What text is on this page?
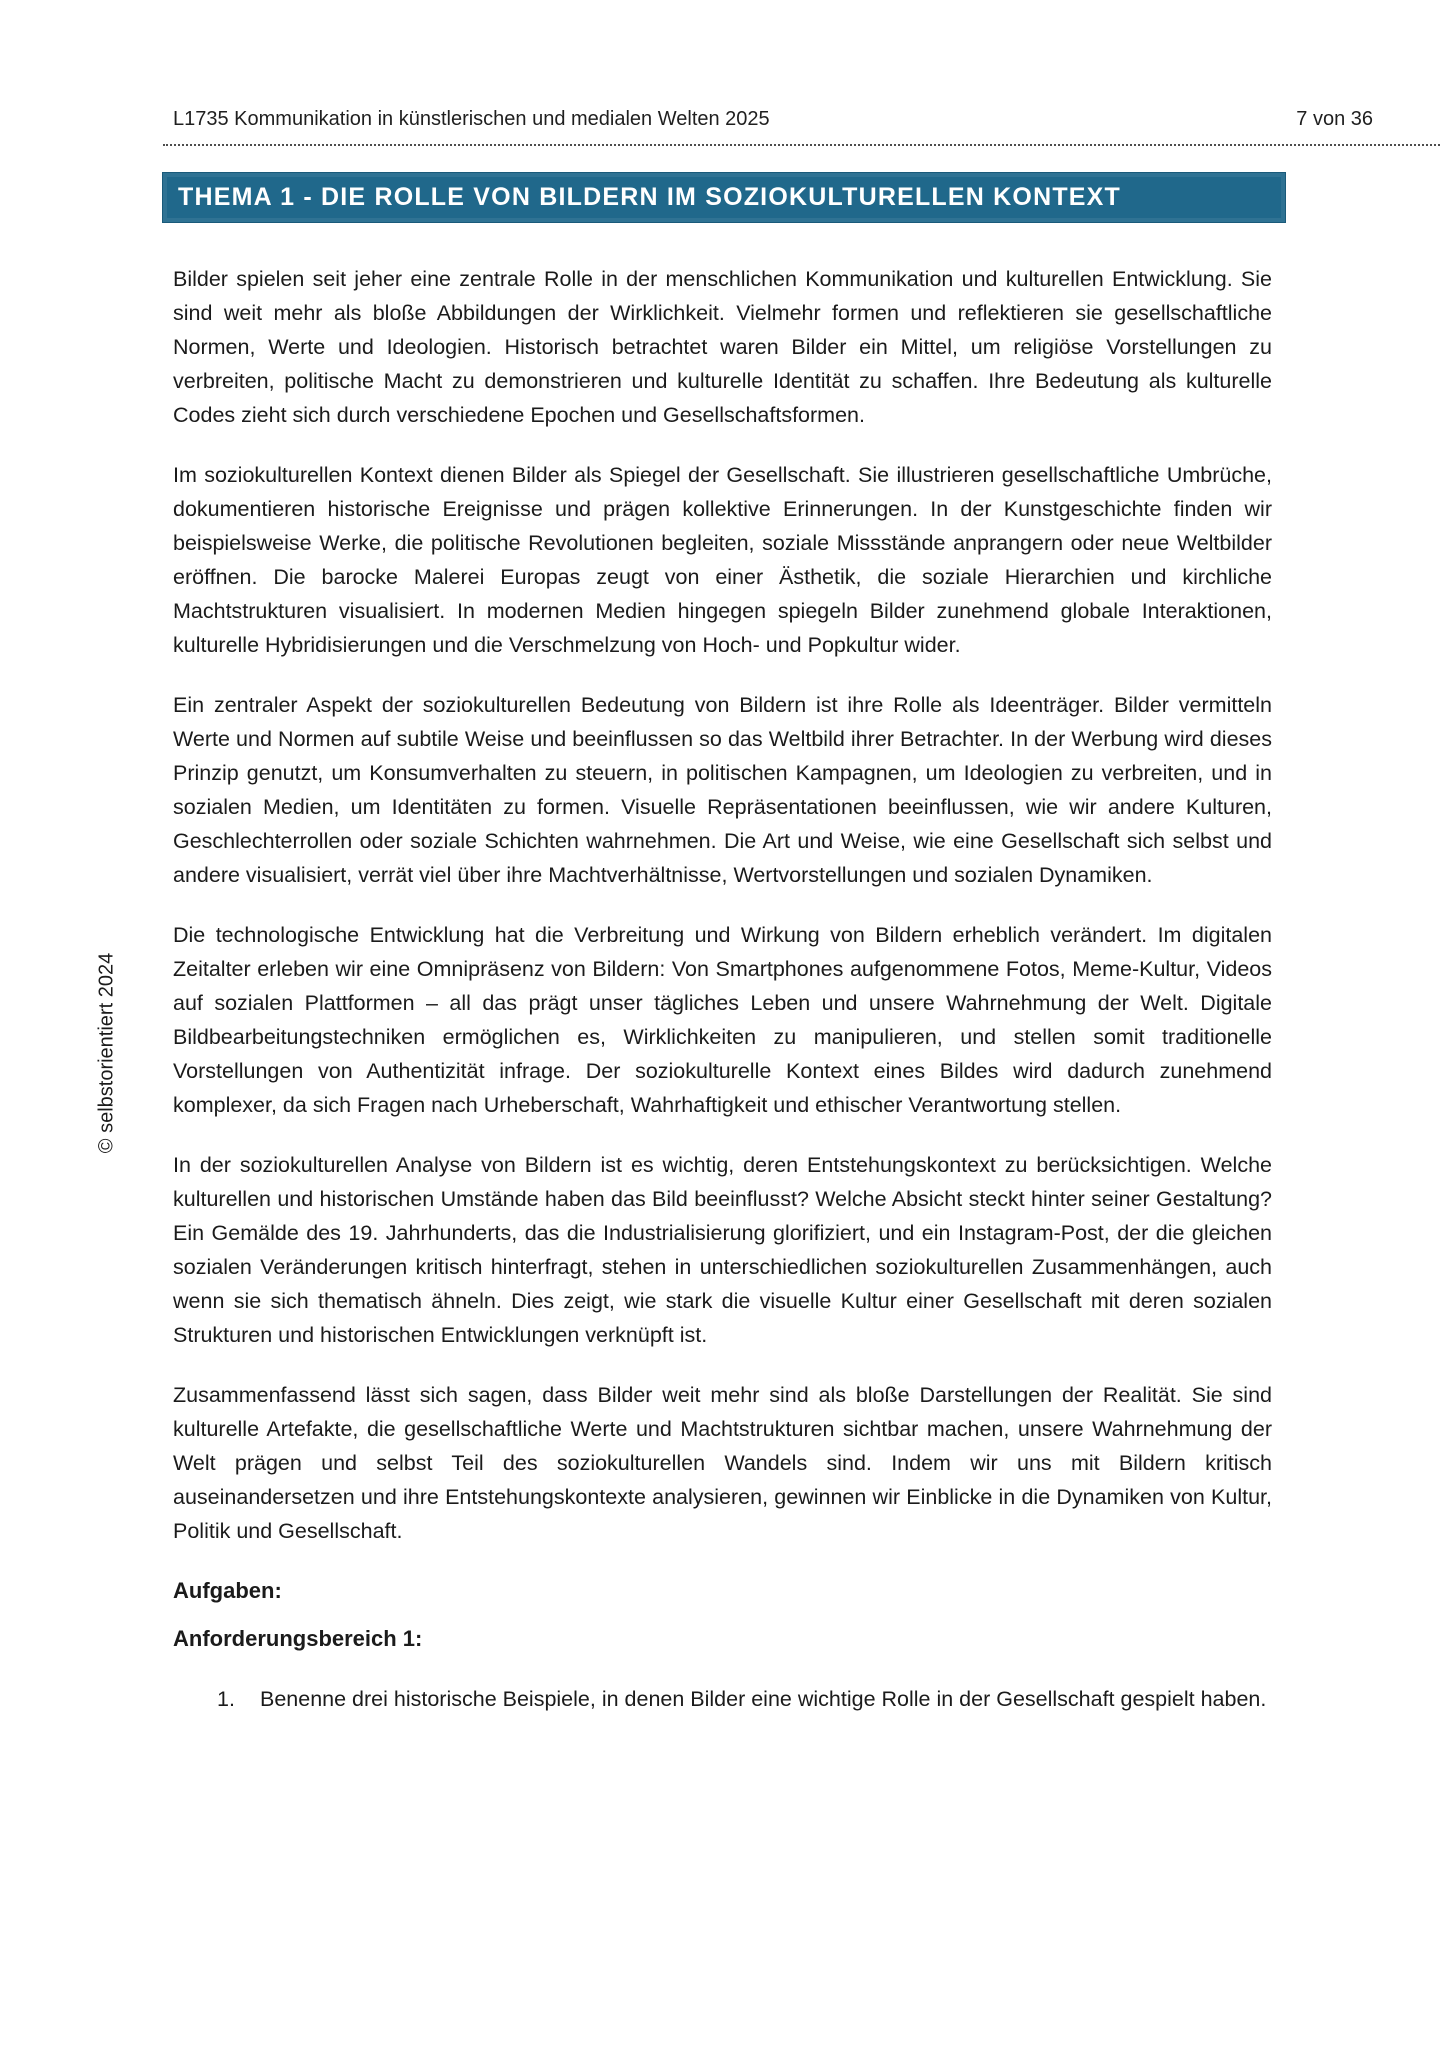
L1735 Kommunikation in künstlerischen und medialen Welten 2025	7 von 36
THEMA 1 - DIE ROLLE VON BILDERN IM SOZIOKULTURELLEN KONTEXT
© selbstorientiert 2024

Bilder spielen seit jeher eine zentrale Rolle in der menschlichen Kommunikation und kulturellen Entwicklung. Sie sind weit mehr als bloße Abbildungen der Wirklichkeit. Vielmehr formen und reflektieren sie gesellschaftliche Normen, Werte und Ideologien. Historisch betrachtet waren Bilder ein Mittel, um religiöse Vorstellungen zu verbreiten, politische Macht zu demonstrieren und kulturelle Identität zu schaffen. Ihre Bedeutung als kulturelle Codes zieht sich durch verschiedene Epochen und Gesellschaftsformen.

Im soziokulturellen Kontext dienen Bilder als Spiegel der Gesellschaft. Sie illustrieren gesellschaftliche Umbrüche, dokumentieren historische Ereignisse und prägen kollektive Erinnerungen. In der Kunstgeschichte finden wir beispielsweise Werke, die politische Revolutionen begleiten, soziale Missstände anprangern oder neue Weltbilder eröffnen. Die barocke Malerei Europas zeugt von einer Ästhetik, die soziale Hierarchien und kirchliche Machtstrukturen visualisiert. In modernen Medien hingegen spiegeln Bilder zunehmend globale Interaktionen, kulturelle Hybridisierungen und die Verschmelzung von Hoch- und Popkultur wider.

Ein zentraler Aspekt der soziokulturellen Bedeutung von Bildern ist ihre Rolle als Ideenträger. Bilder vermitteln Werte und Normen auf subtile Weise und beeinflussen so das Weltbild ihrer Betrachter. In der Werbung wird dieses Prinzip genutzt, um Konsumverhalten zu steuern, in politischen Kampagnen, um Ideologien zu verbreiten, und in sozialen Medien, um Identitäten zu formen. Visuelle Repräsentationen beeinflussen, wie wir andere Kulturen, Geschlechterrollen oder soziale Schichten wahrnehmen. Die Art und Weise, wie eine Gesellschaft sich selbst und andere visualisiert, verrät viel über ihre Machtverhältnisse, Wertvorstellungen und sozialen Dynamiken.

Die technologische Entwicklung hat die Verbreitung und Wirkung von Bildern erheblich verändert. Im digitalen Zeitalter erleben wir eine Omnipräsenz von Bildern: Von Smartphones aufgenommene Fotos, Meme-Kultur, Videos auf sozialen Plattformen – all das prägt unser tägliches Leben und unsere Wahrnehmung der Welt. Digitale Bildbearbeitungstechniken ermöglichen es, Wirklichkeiten zu manipulieren, und stellen somit traditionelle Vorstellungen von Authentizität infrage. Der soziokulturelle Kontext eines Bildes wird dadurch zunehmend komplexer, da sich Fragen nach Urheberschaft, Wahrhaftigkeit und ethischer Verantwortung stellen.

In der soziokulturellen Analyse von Bildern ist es wichtig, deren Entstehungskontext zu berücksichtigen. Welche kulturellen und historischen Umstände haben das Bild beeinflusst? Welche Absicht steckt hinter seiner Gestaltung? Ein Gemälde des 19. Jahrhunderts, das die Industrialisierung glorifiziert, und ein Instagram-Post, der die gleichen sozialen Veränderungen kritisch hinterfragt, stehen in unterschiedlichen soziokulturellen Zusammenhängen, auch wenn sie sich thematisch ähneln. Dies zeigt, wie stark die visuelle Kultur einer Gesellschaft mit deren sozialen Strukturen und historischen Entwicklungen verknüpft ist.

Zusammenfassend lässt sich sagen, dass Bilder weit mehr sind als bloße Darstellungen der Realität. Sie sind kulturelle Artefakte, die gesellschaftliche Werte und Machtstrukturen sichtbar machen, unsere Wahrnehmung der Welt prägen und selbst Teil des soziokulturellen Wandels sind. Indem wir uns mit Bildern kritisch auseinandersetzen und ihre Entstehungskontexte analysieren, gewinnen wir Einblicke in die Dynamiken von Kultur, Politik und Gesellschaft.

Aufgaben:

Anforderungsbereich 1:

1.	Benenne drei historische Beispiele, in denen Bilder eine wichtige Rolle in der Gesellschaft gespielt haben.
